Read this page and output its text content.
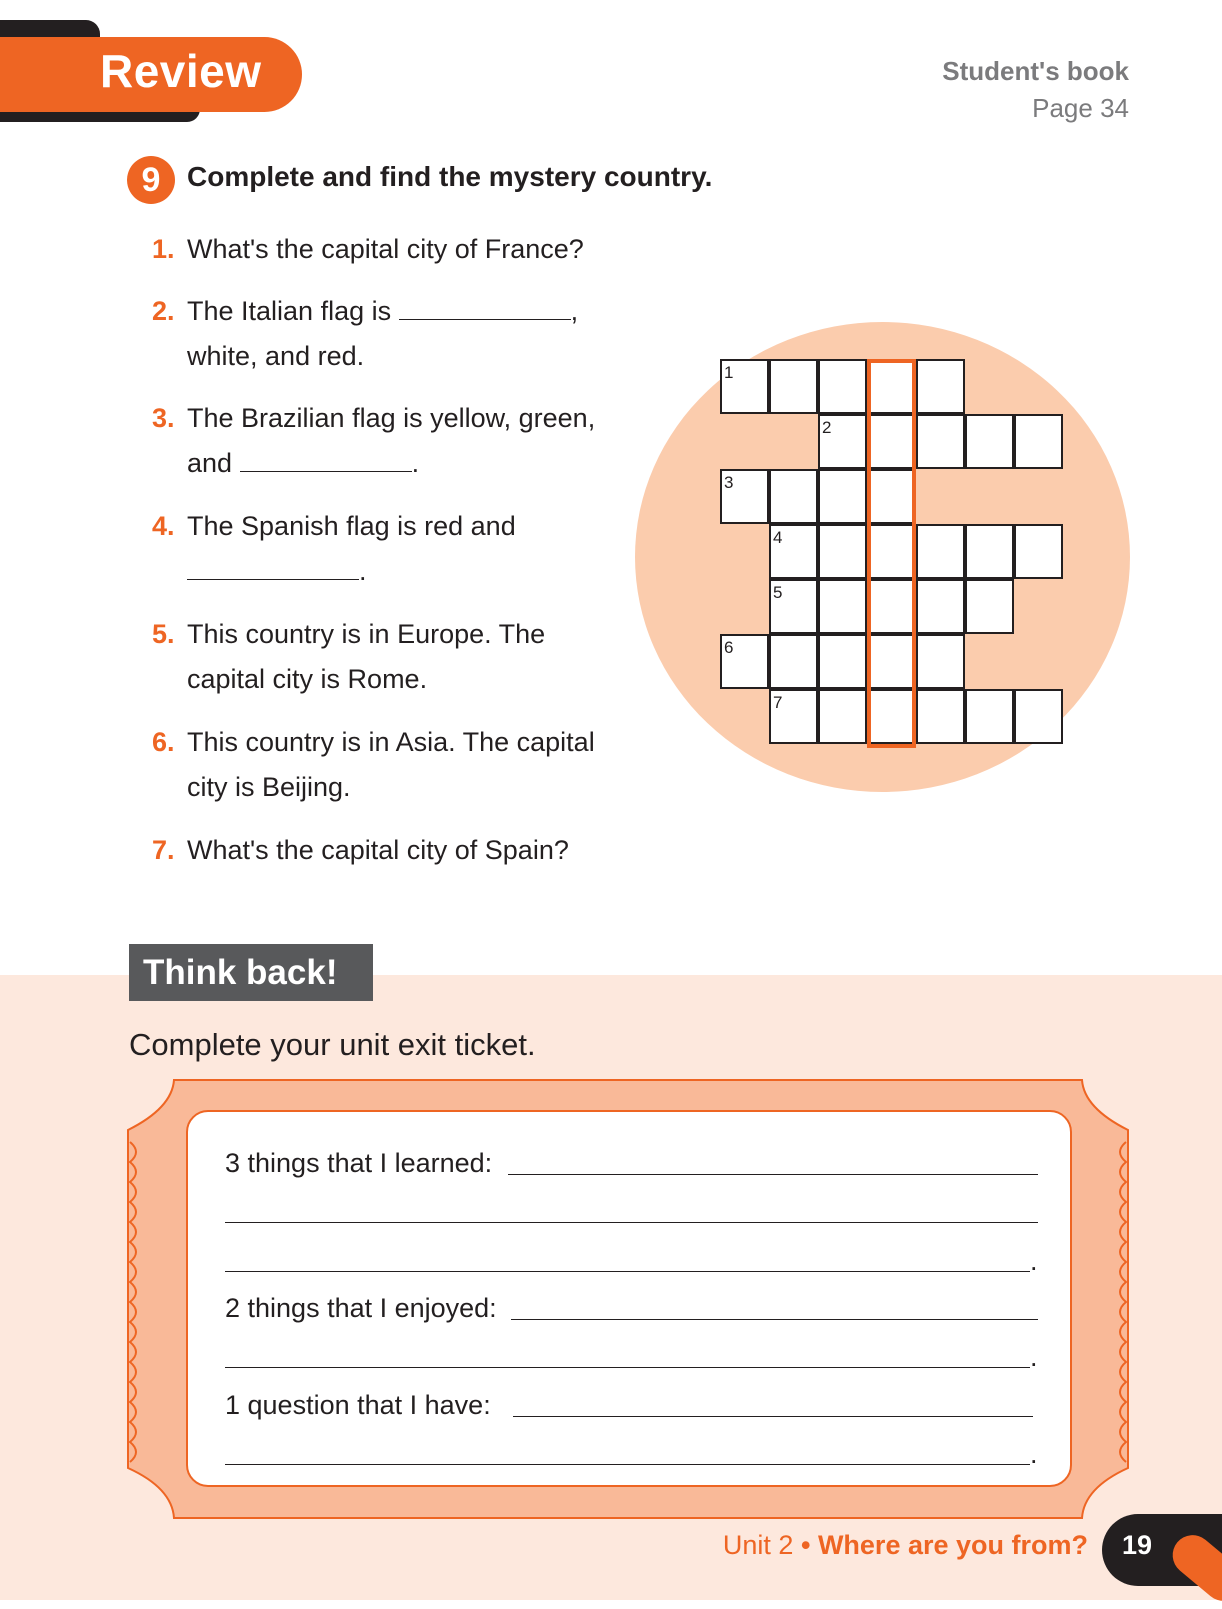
Review	Student's book
Page 34
9 Complete and find the mystery country.
1. What's the capital city of France?
2. The Italian flag is	,
white, and red.
3. The Brazilian flag is yellow, green,
and	.
4. The Spanish flag is red and
.
5. This country is in Europe. The
capital city is Rome.
6. This country is in Asia. The capital
city is Beijing.
7. What's the capital city of Spain?
1
2
3
4
5
6
7
Think back!
Complete your unit exit ticket.
3 things that I learned:
.
2 things that I enjoyed:
.
1 question that I have:
.
Unit 2 • Where are you from?	19
